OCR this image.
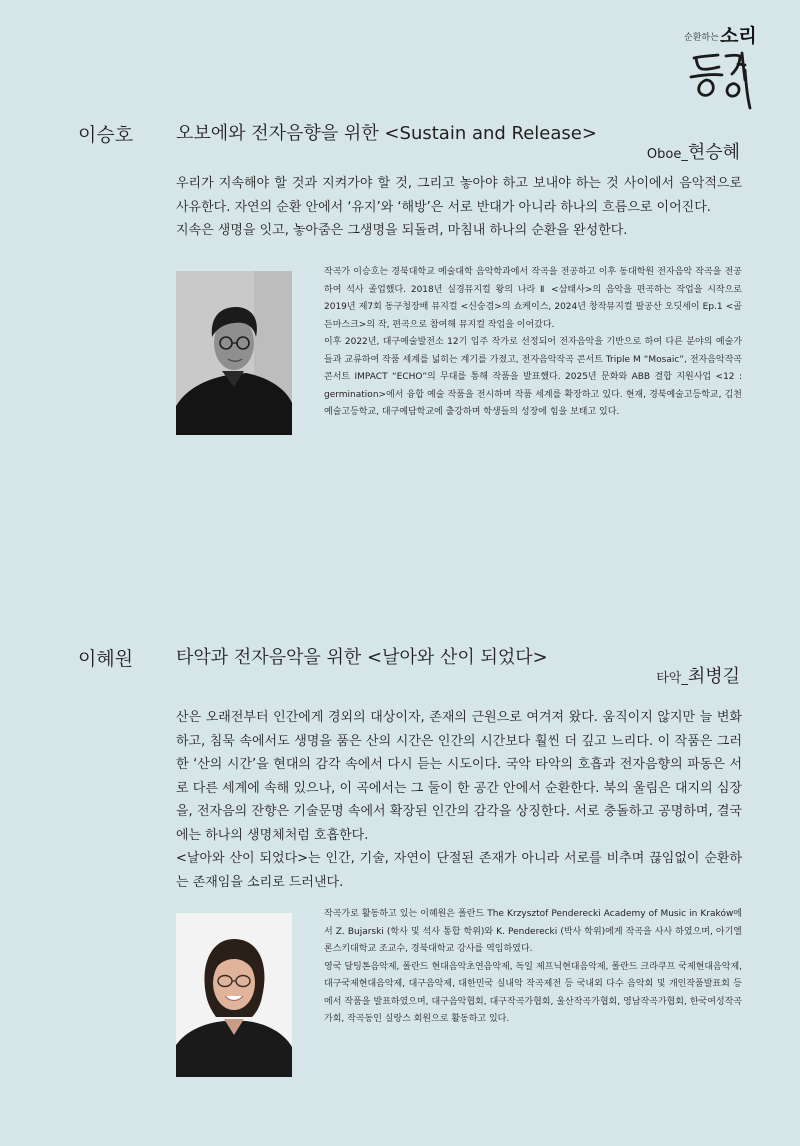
순환하는 소리
이승호 오보에와 전자음향을 위한 <Sustain and Release>
Oboe_현승혜
우리가 지속해야 할 것과 지켜가야 할 것, 그리고 놓아야 하고 보내야 하는 것 사이에서 음악적으로 사유한다. 자연의 순환 안에서 ‘유지’와 ‘해방’은 서로 반대가 아니라 하나의 흐름으로 이어진다.
지속은 생명을 잇고, 놓아줌은 그생명을 되돌려, 마침내 하나의 순환을 완성한다.

작곡가 이승호는 경북대학교 예술대학 음악학과에서 작곡을 전공하고 이후 동대학원 전자음악 작곡을 전공하여 석사 졸업했다. 2018년 실경뮤지컬 왕의 나라 Ⅱ <삼태사>의 음악을 편곡하는 작업을 시작으로 2019년 제7회 동구청장배 뮤지컬 <신숭겸>의 쇼케이스, 2024년 창작뮤지컬 팔공산 오딧세이 Ep.1 <골든마스크>의 작, 편곡으로 참여해 뮤지컬 작업을 이어갔다.

이후 2022년, 대구예술발전소 12기 입주 작가로 선정되어 전자음악을 기반으로 하여 다른 분야의 예술가들과 교류하여 작품 세계를 넓히는 계기를 가졌고, 전자음악작곡 콘서트 Triple M “Mosaic”, 전자음악작곡 콘서트 IMPACT “ECHO”의 무대를 통해 작품을 발표했다. 2025년 문화와 ABB 결합 지원사업 <12 : germination>에서 융합 예술 작품을 전시하며 작품 세계를 확장하고 있다. 현재, 경북예술고등학교, 김천예술고등학교, 대구예담학교에 출강하며 학생들의 성장에 힘을 보태고 있다.

이혜원 타악과 전자음악을 위한 <날아와 산이 되었다>
타악_최병길
산은 오래전부터 인간에게 경외의 대상이자, 존재의 근원으로 여겨져 왔다. 움직이지 않지만 늘 변화하고, 침묵 속에서도 생명을 품은 산의 시간은 인간의 시간보다 훨씬 더 깊고 느리다. 이 작품은 그러한 ‘산의 시간’을 현대의 감각 속에서 다시 듣는 시도이다. 국악 타악의 호흡과 전자음향의 파동은 서로 다른 세계에 속해 있으나, 이 곡에서는 그 둘이 한 공간 안에서 순환한다. 북의 울림은 대지의 심장을, 전자음의 잔향은 기술문명 속에서 확장된 인간의 감각을 상징한다. 서로 충돌하고 공명하며, 결국에는 하나의 생명체처럼 호흡한다.
<날아와 산이 되었다>는 인간, 기술, 자연이 단절된 존재가 아니라 서로를 비추며 끊임없이 순환하는 존재임을 소리로 드러낸다.

작곡가로 활동하고 있는 이혜원은 폴란드 The Krzysztof Penderecki Academy of Music in Kraków에서 Z. Bujarski (학사 및 석사 통합 학위)와 K. Penderecki (박사 학위)에게 작곡을 사사 하였으며, 아기엘론스키대학교 조교수, 경북대학교 강사를 역임하였다.

영국 달팅톤음악제, 폴란드 현대음악초연음악제, 독일 제프닉현대음악제, 폴란드 크라쿠프 국제현대음악제, 대구국제현대음악제, 대구음악제, 대한민국 실내악 작곡제전 등 국내외 다수 음악회 및 개인작품발표회 등에서 작품을 발표하였으며, 대구음악협회, 대구작곡가협회, 울산작곡가협회, 영남작곡가협회, 한국여성작곡가회, 작곡동인 실랑스 회원으로 활동하고 있다.
